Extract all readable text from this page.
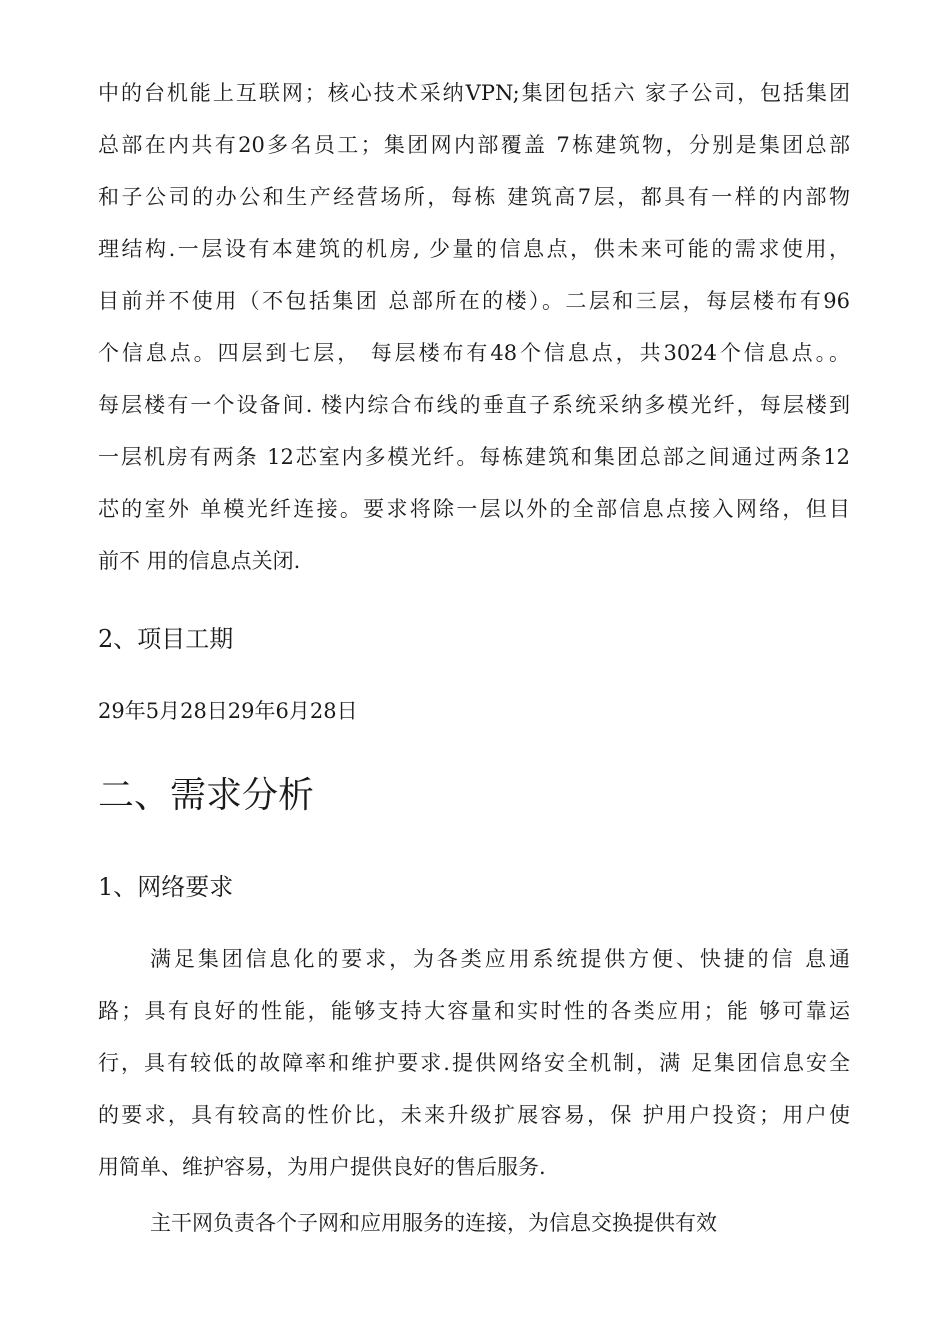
中的台机能上互联网；核心技术采纳VPN;集团包括六 家子公司，包括集团
总部在内共有20多名员工；集团网内部覆盖 7栋建筑物，分别是集团总部
和子公司的办公和生产经营场所，每栋 建筑高7层，都具有一样的内部物
理结构.一层设有本建筑的机房, 少量的信息点，供未来可能的需求使用，
目前并不使用（不包括集团 总部所在的楼）。二层和三层，每层楼布有96
个信息点。四层到七层， 每层楼布有48个信息点，共3024个信息点。。
每层楼有一个设备间. 楼内综合布线的垂直子系统采纳多模光纤，每层楼到
一层机房有两条 12芯室内多模光纤。每栋建筑和集团总部之间通过两条12
芯的室外 单模光纤连接。要求将除一层以外的全部信息点接入网络，但目
前不 用的信息点关闭.
2、项目工期
29年5月28日29年6月28日
二、需求分析
1、网络要求
满足集团信息化的要求，为各类应用系统提供方便、快捷的信 息通
路；具有良好的性能，能够支持大容量和实时性的各类应用；能 够可靠运
行，具有较低的故障率和维护要求.提供网络安全机制，满 足集团信息安全
的要求，具有较高的性价比，未来升级扩展容易，保 护用户投资；用户使
用简单、维护容易，为用户提供良好的售后服务.
主干网负责各个子网和应用服务的连接，为信息交换提供有效
